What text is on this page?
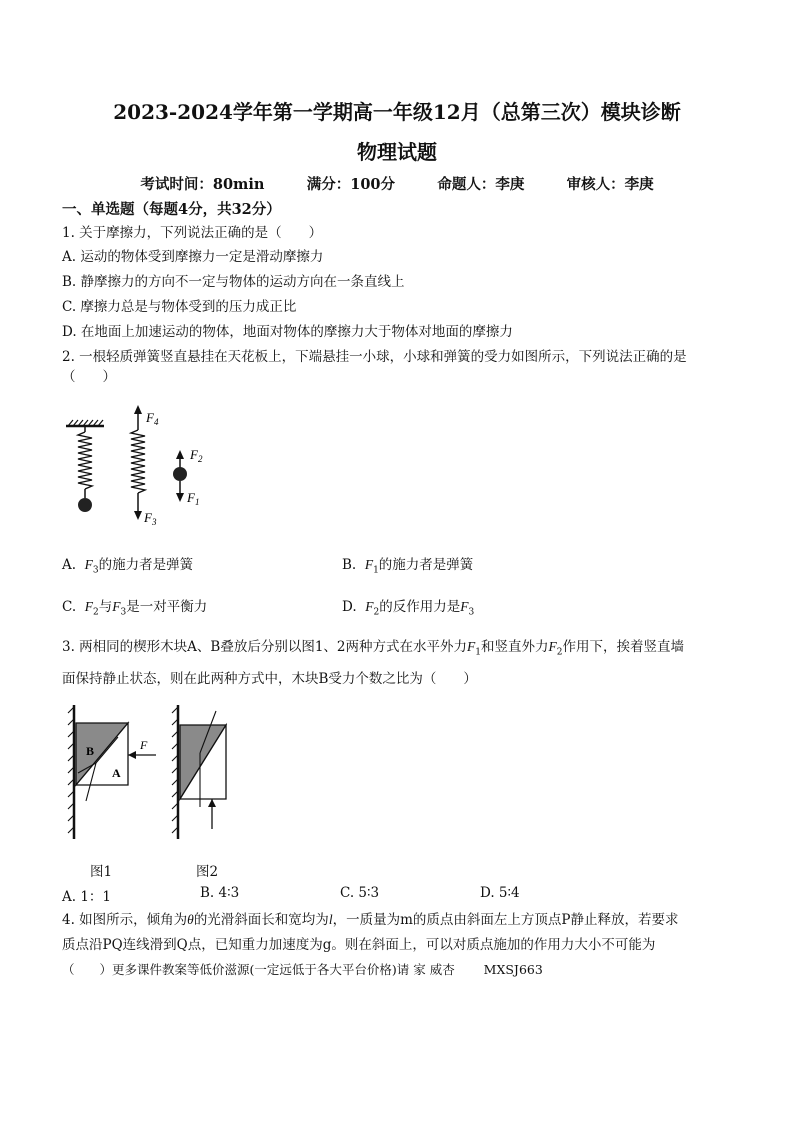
2023-2024学年第一学期高一年级12月（总第三次）模块诊断
物理试题
考试时间：80min	满分：100分	命题人：李庚	审核人：李庚
一、单选题（每题4分，共32分）
1. 关于摩擦力，下列说法正确的是（　　）
A. 运动的物体受到摩擦力一定是滑动摩擦力
B. 静摩擦力的方向不一定与物体的运动方向在一条直线上
C. 摩擦力总是与物体受到的压力成正比
D. 在地面上加速运动的物体，地面对物体的摩擦力大于物体对地面的摩擦力
2. 一根轻质弹簧竖直悬挂在天花板上，下端悬挂一小球，小球和弹簧的受力如图所示，下列说法正确的是（　　）
$F_4$
$F_3$
$F_2$
$F_1$
A. $F_3$的施力者是弹簧	B. $F_1$的施力者是弹簧
C. $F_2$与$F_3$是一对平衡力	D. $F_2$的反作用力是$F_3$
3. 两相同的楔形木块A、B叠放后分别以图1、2两种方式在水平外力$F_1$和竖直外力$F_2$作用下，挨着竖直墙
面保持静止状态，则在此两种方式中，木块B受力个数之比为（　　）
B
A
F
图1	图2
A. 1：1	B. 4∶3	C. 5∶3	D. 5∶4
4. 如图所示，倾角为θ的光滑斜面长和宽均为l，一质量为m的质点由斜面左上方顶点P静止释放，若要求
质点沿PQ连线滑到Q点，已知重力加速度为g。则在斜面上，可以对质点施加的作用力大小不可能为
（　　）更多课件教案等低价滋源(一定远低于各大平台价格)请 家 威杏　　 MXSJ663
